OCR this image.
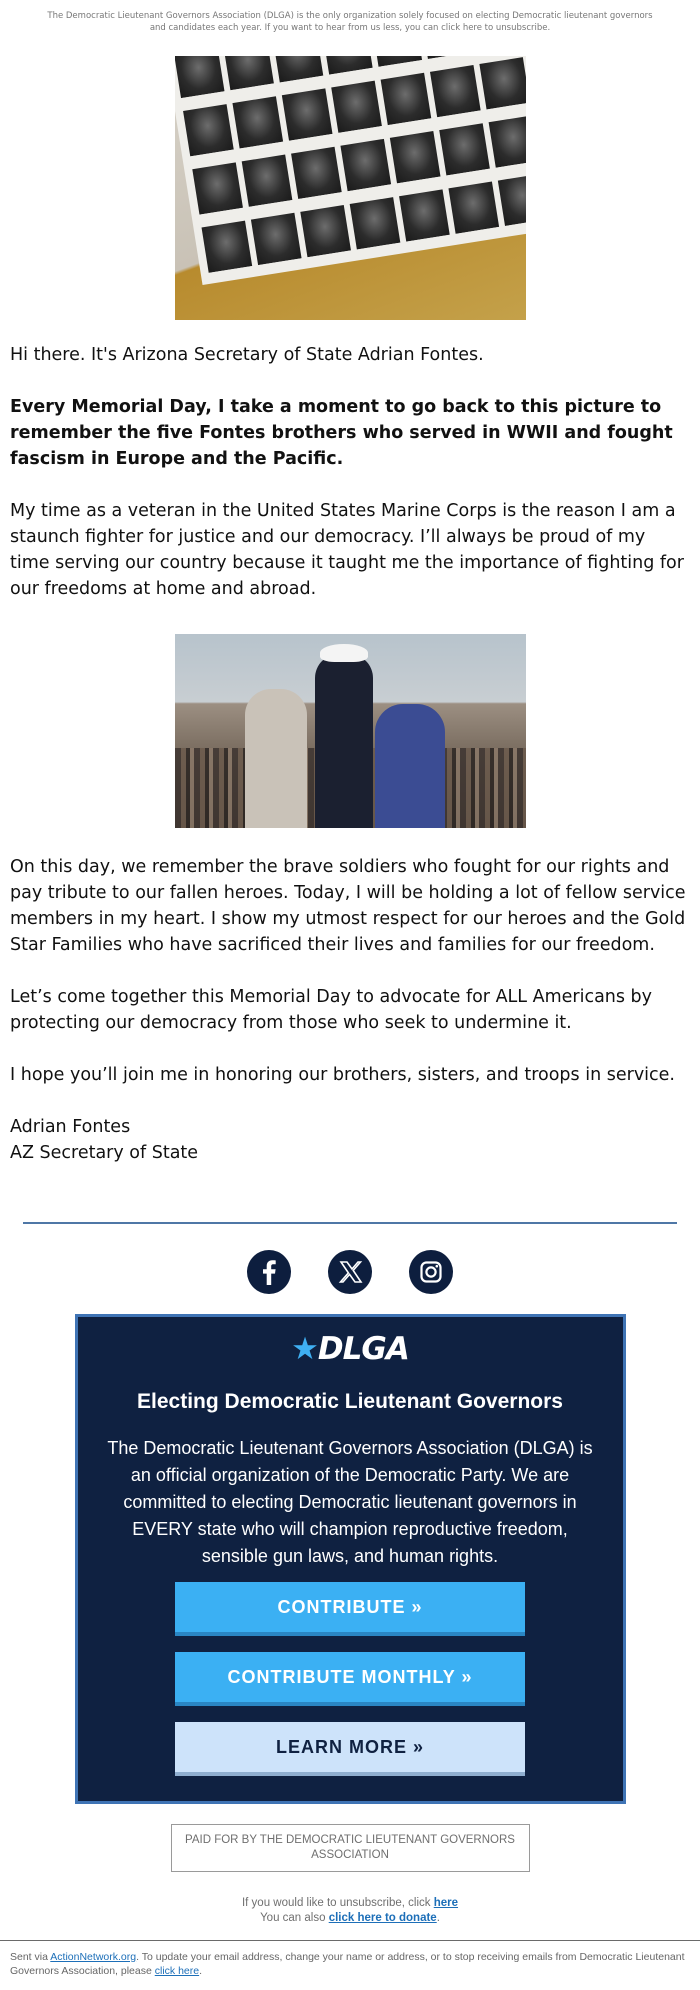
The Democratic Lieutenant Governors Association (DLGA) is the only organization solely focused on electing Democratic lieutenant governors and candidates each year. If you want to hear from us less, you can click here to unsubscribe.

Hi there. It's Arizona Secretary of State Adrian Fontes.

Every Memorial Day, I take a moment to go back to this picture to remember the five Fontes brothers who served in WWII and fought fascism in Europe and the Pacific.

My time as a veteran in the United States Marine Corps is the reason I am a staunch fighter for justice and our democracy. I’ll always be proud of my time serving our country because it taught me the importance of fighting for our freedoms at home and abroad.

On this day, we remember the brave soldiers who fought for our rights and pay tribute to our fallen heroes. Today, I will be holding a lot of fellow service members in my heart. I show my utmost respect for our heroes and the Gold Star Families who have sacrificed their lives and families for our freedom.

Let’s come together this Memorial Day to advocate for ALL Americans by protecting our democracy from those who seek to undermine it.

I hope you’ll join me in honoring our brothers, sisters, and troops in service.

Adrian Fontes

AZ Secretary of State

★DLGA
Electing Democratic Lieutenant Governors
The Democratic Lieutenant Governors Association (DLGA) is an official organization of the Democratic Party. We are committed to electing Democratic lieutenant governors in EVERY state who will champion reproductive freedom, sensible gun laws, and human rights.
CONTRIBUTE »
CONTRIBUTE MONTHLY »
LEARN MORE »
PAID FOR BY THE DEMOCRATIC LIEUTENANT GOVERNORS ASSOCIATION
If you would like to unsubscribe, click here
You can also click here to donate.
Sent via ActionNetwork.org. To update your email address, change your name or address, or to stop receiving emails from Democratic Lieutenant Governors Association, please click here.
